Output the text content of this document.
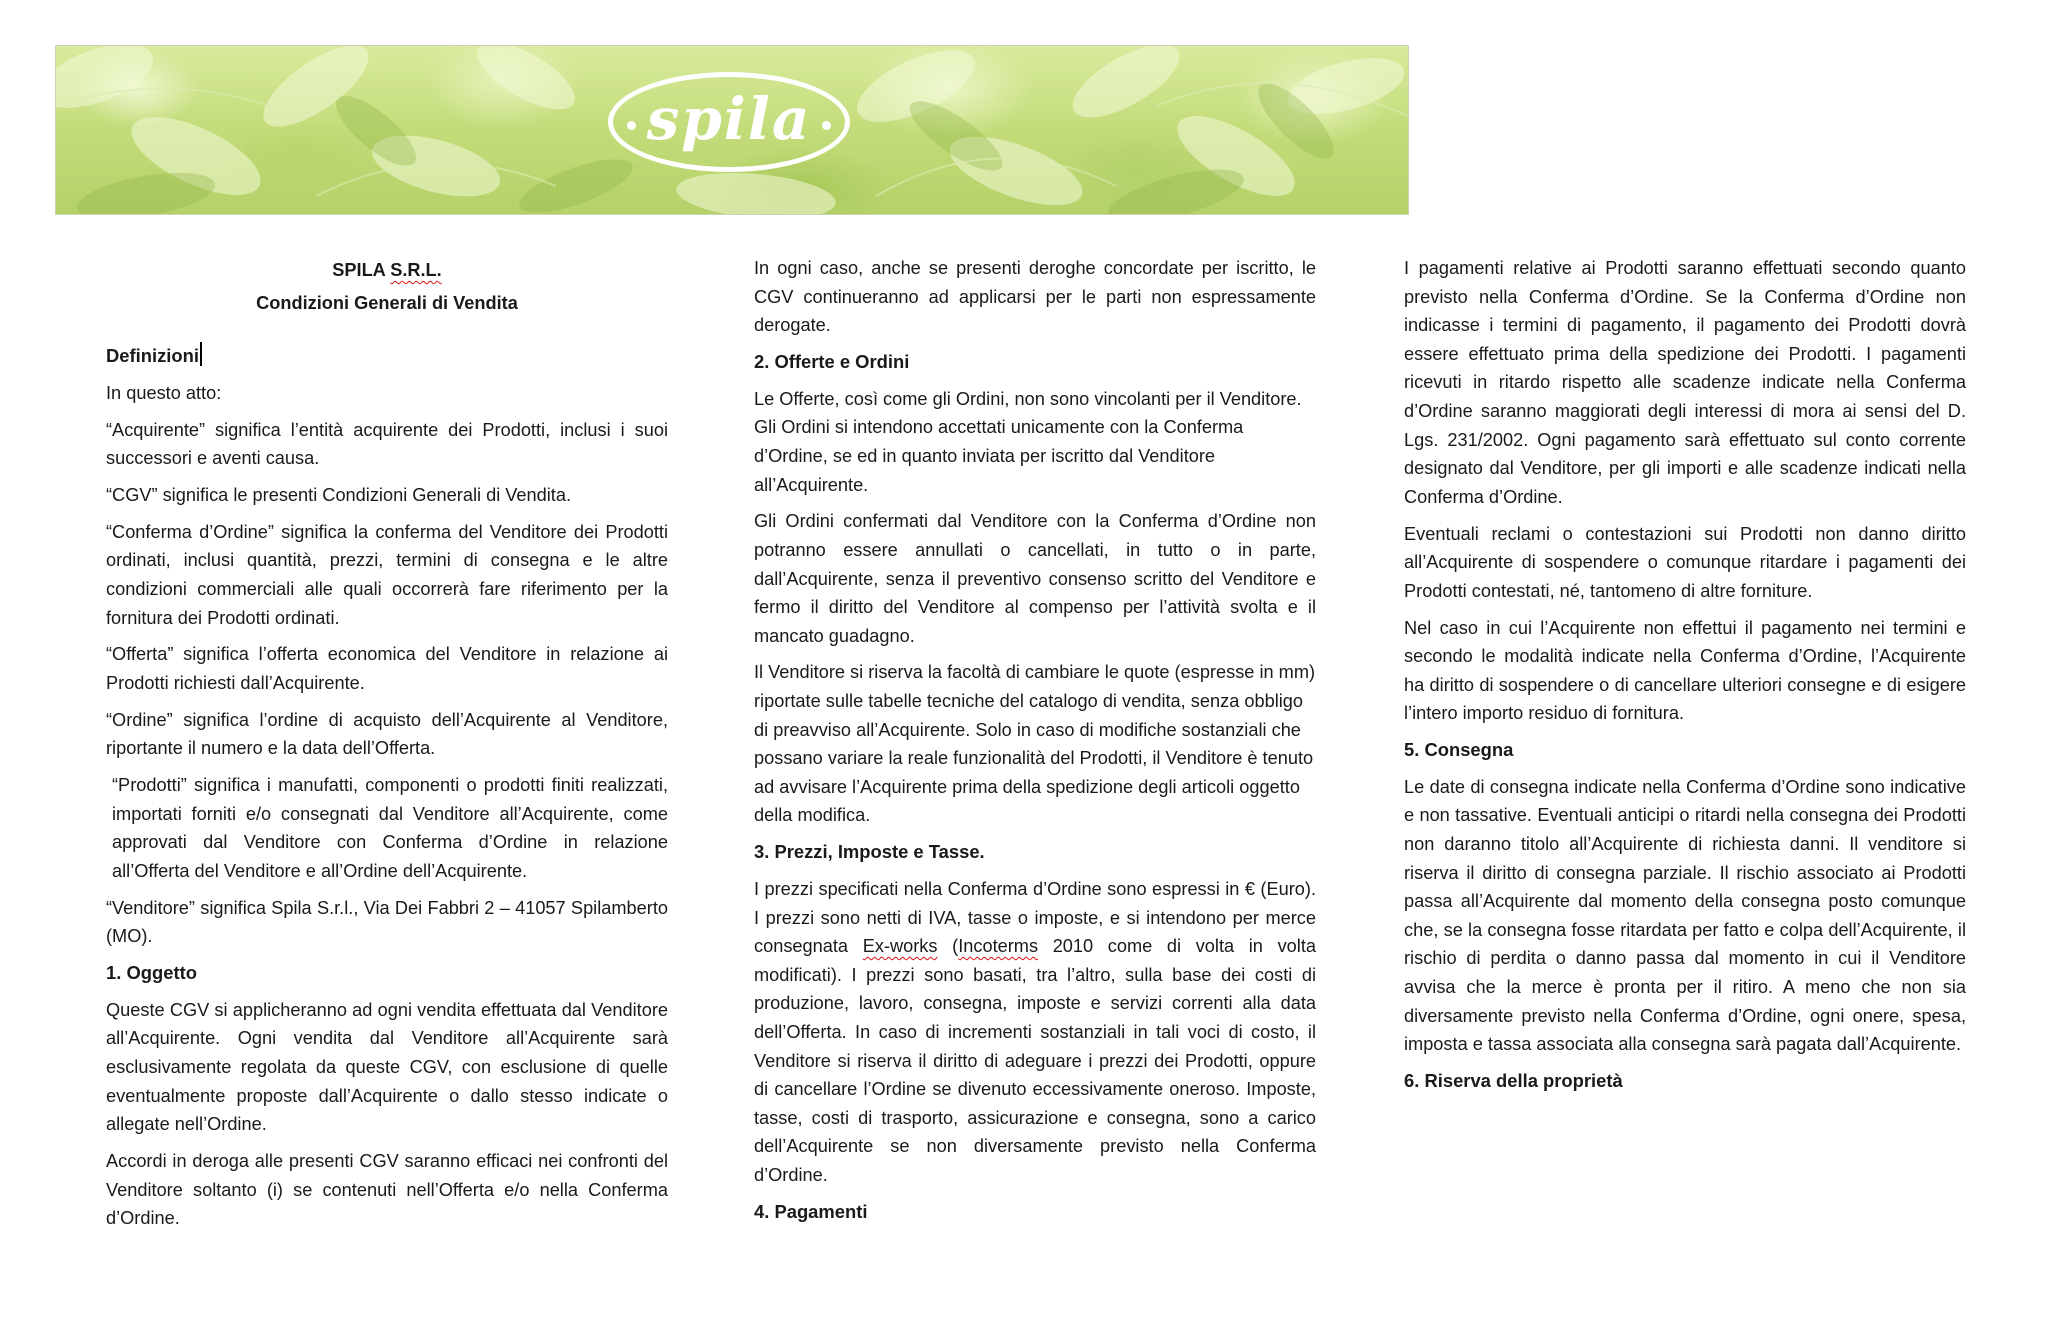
spila
SPILA S.R.L.
Condizioni Generali di Vendita
Definizioni

In questo atto:

“Acquirente” significa l’entità acquirente dei Prodotti, inclusi i suoi successori e aventi causa.

“CGV” significa le presenti Condizioni Generali di Vendita.

“Conferma d’Ordine” significa la conferma del Venditore dei Prodotti ordinati, inclusi quantità, prezzi, termini di consegna e le altre condizioni commerciali alle quali occorrerà fare riferimento per la fornitura dei Prodotti ordinati.

“Offerta” significa l’offerta economica del Venditore in relazione ai Prodotti richiesti dall’Acquirente.

“Ordine” significa l’ordine di acquisto dell’Acquirente al Venditore, riportante il numero e la data dell’Offerta.

“Prodotti” significa i manufatti, componenti o prodotti finiti realizzati, importati forniti e/o consegnati dal Venditore all’Acquirente, come approvati dal Venditore con Conferma d’Ordine in relazione all’Offerta del Venditore e all’Ordine dell’Acquirente.

“Venditore” significa Spila S.r.l., Via Dei Fabbri 2 – 41057 Spilamberto (MO).

1. Oggetto

Queste CGV si applicheranno ad ogni vendita effettuata dal Venditore all’Acquirente. Ogni vendita dal Venditore all’Acquirente sarà esclusivamente regolata da queste CGV, con esclusione di quelle eventualmente proposte dall’Acquirente o dallo stesso indicate o allegate nell’Ordine.

Accordi in deroga alle presenti CGV saranno efficaci nei confronti del Venditore soltanto (i) se contenuti nell’Offerta e/o nella Conferma d’Ordine.

In ogni caso, anche se presenti deroghe concordate per iscritto, le CGV continueranno ad applicarsi per le parti non espressamente derogate.

2. Offerte e Ordini

Le Offerte, così come gli Ordini, non sono vincolanti per il Venditore. Gli Ordini si intendono accettati unicamente con la Conferma d’Ordine, se ed in quanto inviata per iscritto dal Venditore all’Acquirente.

Gli Ordini confermati dal Venditore con la Conferma d’Ordine non potranno essere annullati o cancellati, in tutto o in parte, dall’Acquirente, senza il preventivo consenso scritto del Venditore e fermo il diritto del Venditore al compenso per l’attività svolta e il mancato guadagno.

Il Venditore si riserva la facoltà di cambiare le quote (espresse in mm) riportate sulle tabelle tecniche del catalogo di vendita, senza obbligo di preavviso all’Acquirente. Solo in caso di modifiche sostanziali che possano variare la reale funzionalità del Prodotti, il Venditore è tenuto ad avvisare l’Acquirente prima della spedizione degli articoli oggetto della modifica.

3. Prezzi, Imposte e Tasse.

I prezzi specificati nella Conferma d’Ordine sono espressi in € (Euro). I prezzi sono netti di IVA, tasse o imposte, e si intendono per merce consegnata Ex-works (Incoterms 2010 come di volta in volta modificati). I prezzi sono basati, tra l’altro, sulla base dei costi di produzione, lavoro, consegna, imposte e servizi correnti alla data dell’Offerta. In caso di incrementi sostanziali in tali voci di costo, il Venditore si riserva il diritto di adeguare i prezzi dei Prodotti, oppure di cancellare l’Ordine se divenuto eccessivamente oneroso. Imposte, tasse, costi di trasporto, assicurazione e consegna, sono a carico dell’Acquirente se non diversamente previsto nella Conferma d’Ordine.

4. Pagamenti

I pagamenti relative ai Prodotti saranno effettuati secondo quanto previsto nella Conferma d’Ordine. Se la Conferma d’Ordine non indicasse i termini di pagamento, il pagamento dei Prodotti dovrà essere effettuato prima della spedizione dei Prodotti. I pagamenti ricevuti in ritardo rispetto alle scadenze indicate nella Conferma d’Ordine saranno maggiorati degli interessi di mora ai sensi del D. Lgs. 231/2002. Ogni pagamento sarà effettuato sul conto corrente designato dal Venditore, per gli importi e alle scadenze indicati nella Conferma d’Ordine.

Eventuali reclami o contestazioni sui Prodotti non danno diritto all’Acquirente di sospendere o comunque ritardare i pagamenti dei Prodotti contestati, né, tantomeno di altre forniture.

Nel caso in cui l’Acquirente non effettui il pagamento nei termini e secondo le modalità indicate nella Conferma d’Ordine, l’Acquirente ha diritto di sospendere o di cancellare ulteriori consegne e di esigere l’intero importo residuo di fornitura.

5. Consegna

Le date di consegna indicate nella Conferma d’Ordine sono indicative e non tassative. Eventuali anticipi o ritardi nella consegna dei Prodotti non daranno titolo all’Acquirente di richiesta danni. Il venditore si riserva il diritto di consegna parziale. Il rischio associato ai Prodotti passa all’Acquirente dal momento della consegna posto comunque che, se la consegna fosse ritardata per fatto e colpa dell’Acquirente, il rischio di perdita o danno passa dal momento in cui il Venditore avvisa che la merce è pronta per il ritiro. A meno che non sia diversamente previsto nella Conferma d’Ordine, ogni onere, spesa, imposta e tassa associata alla consegna sarà pagata dall’Acquirente.

6. Riserva della proprietà
